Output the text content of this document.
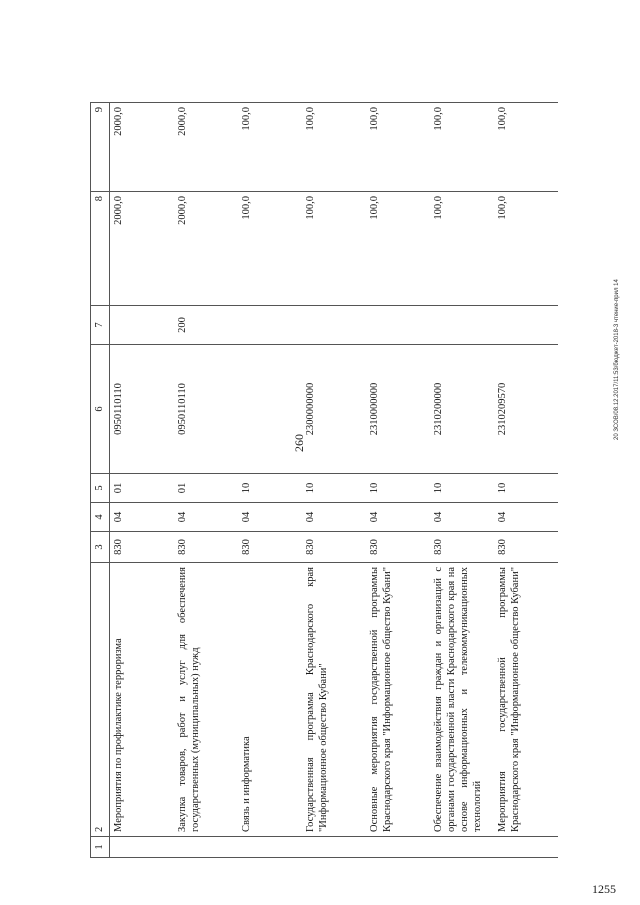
260
1	2	3	4	5	6	7	8	9
	Мероприятия по профилактике терроризма	830	04	01	0950110110		2000,0	2000,0
	Закупка товаров, работ и услуг для обеспечения государственных (муниципальных) нужд	830	04	01	0950110110	200	2000,0	2000,0
	Связь и информатика	830	04	10			100,0	100,0
	Государственная программа Краснодарского края "Информационное общество Кубани"	830	04	10	2300000000		100,0	100,0
	Основные мероприятия государственной программы Краснодарского края "Информационное общество Кубани"	830	04	10	2310000000		100,0	100,0
	Обеспечение взаимодействия граждан и организаций с органами государственной власти Краснодарского края на основе информационных и телекоммуникационных технологий	830	04	10	2310200000		100,0	100,0
	Мероприятия государственной программы Краснодарского края "Информационное общество Кубани"	830	04	10	2310209570		100,0	100,0
20 ЗСОВ/08.12.2017/11:53/бюджет-2018-3 чтение-прил 14
1255
